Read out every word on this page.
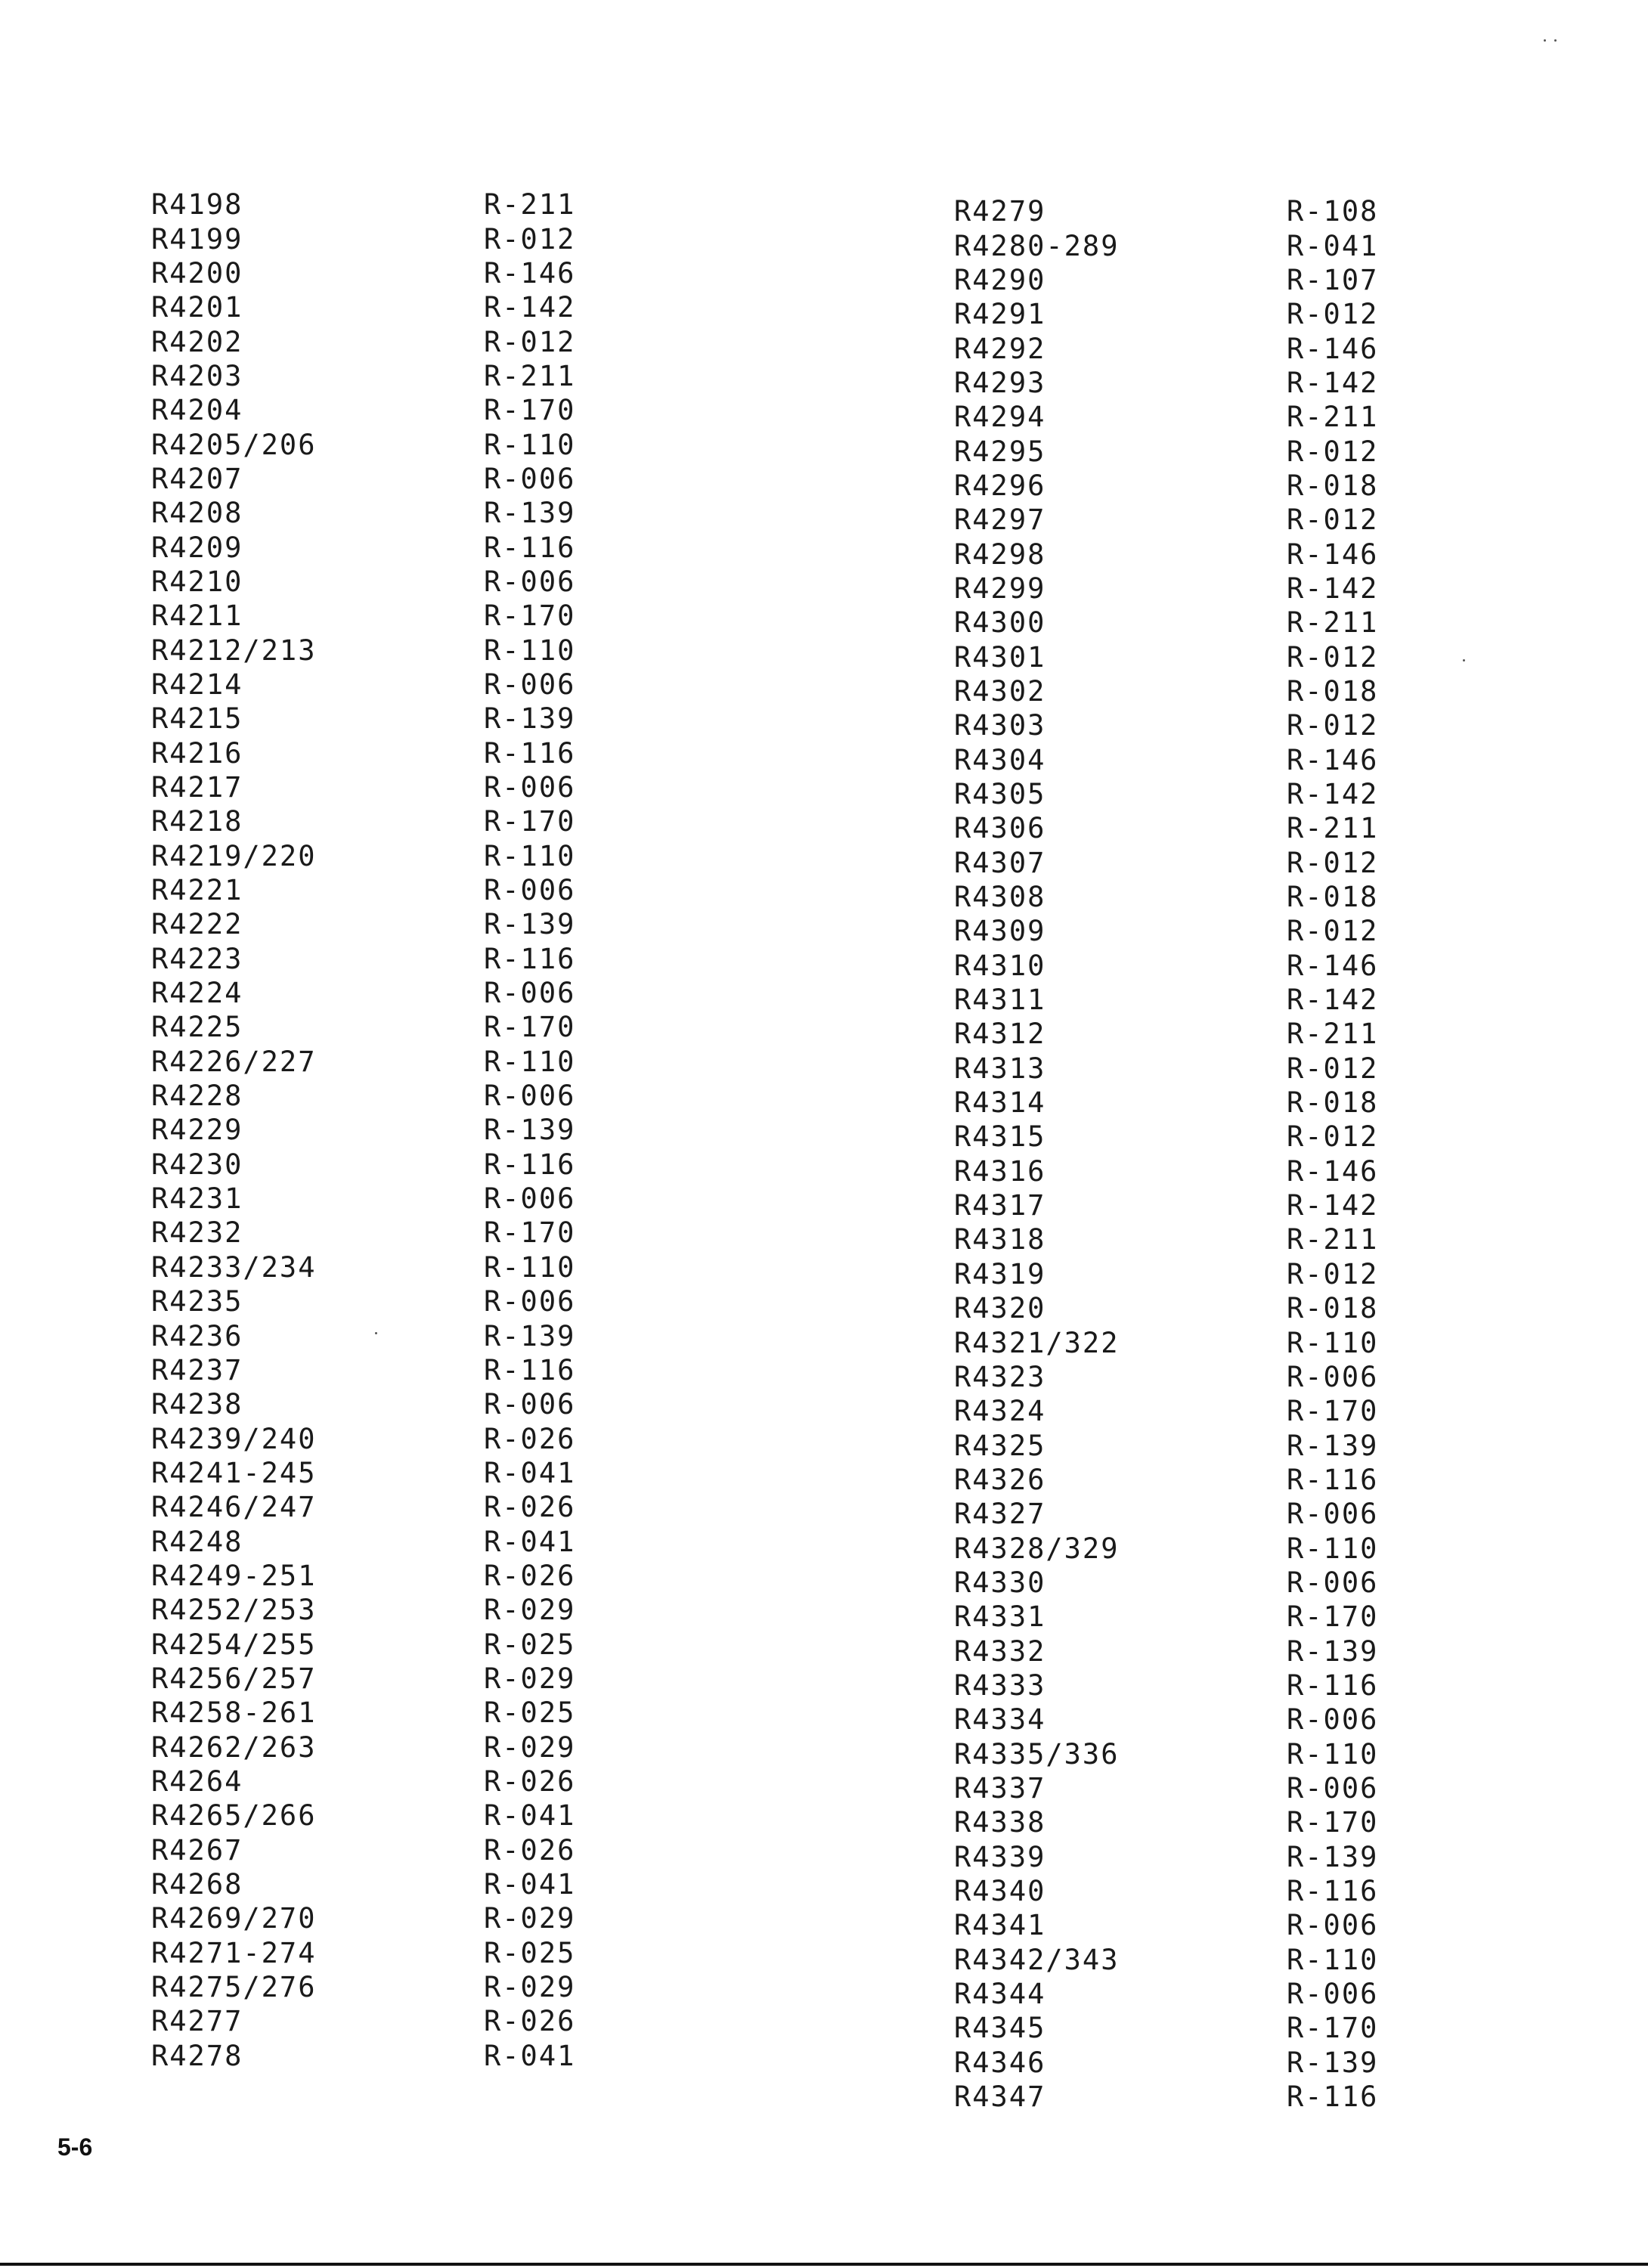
R4198	R-211
R4199	R-012
R4200	R-146
R4201	R-142
R4202	R-012
R4203	R-211
R4204	R-170
R4205/206	R-110
R4207	R-006
R4208	R-139
R4209	R-116
R4210	R-006
R4211	R-170
R4212/213	R-110
R4214	R-006
R4215	R-139
R4216	R-116
R4217	R-006
R4218	R-170
R4219/220	R-110
R4221	R-006
R4222	R-139
R4223	R-116
R4224	R-006
R4225	R-170
R4226/227	R-110
R4228	R-006
R4229	R-139
R4230	R-116
R4231	R-006
R4232	R-170
R4233/234	R-110
R4235	R-006
R4236	R-139
R4237	R-116
R4238	R-006
R4239/240	R-026
R4241-245	R-041
R4246/247	R-026
R4248	R-041
R4249-251	R-026
R4252/253	R-029
R4254/255	R-025
R4256/257	R-029
R4258-261	R-025
R4262/263	R-029
R4264	R-026
R4265/266	R-041
R4267	R-026
R4268	R-041
R4269/270	R-029
R4271-274	R-025
R4275/276	R-029
R4277	R-026
R4278	R-041
R4279	R-108
R4280-289	R-041
R4290	R-107
R4291	R-012
R4292	R-146
R4293	R-142
R4294	R-211
R4295	R-012
R4296	R-018
R4297	R-012
R4298	R-146
R4299	R-142
R4300	R-211
R4301	R-012
R4302	R-018
R4303	R-012
R4304	R-146
R4305	R-142
R4306	R-211
R4307	R-012
R4308	R-018
R4309	R-012
R4310	R-146
R4311	R-142
R4312	R-211
R4313	R-012
R4314	R-018
R4315	R-012
R4316	R-146
R4317	R-142
R4318	R-211
R4319	R-012
R4320	R-018
R4321/322	R-110
R4323	R-006
R4324	R-170
R4325	R-139
R4326	R-116
R4327	R-006
R4328/329	R-110
R4330	R-006
R4331	R-170
R4332	R-139
R4333	R-116
R4334	R-006
R4335/336	R-110
R4337	R-006
R4338	R-170
R4339	R-139
R4340	R-116
R4341	R-006
R4342/343	R-110
R4344	R-006
R4345	R-170
R4346	R-139
R4347	R-116
5-6
